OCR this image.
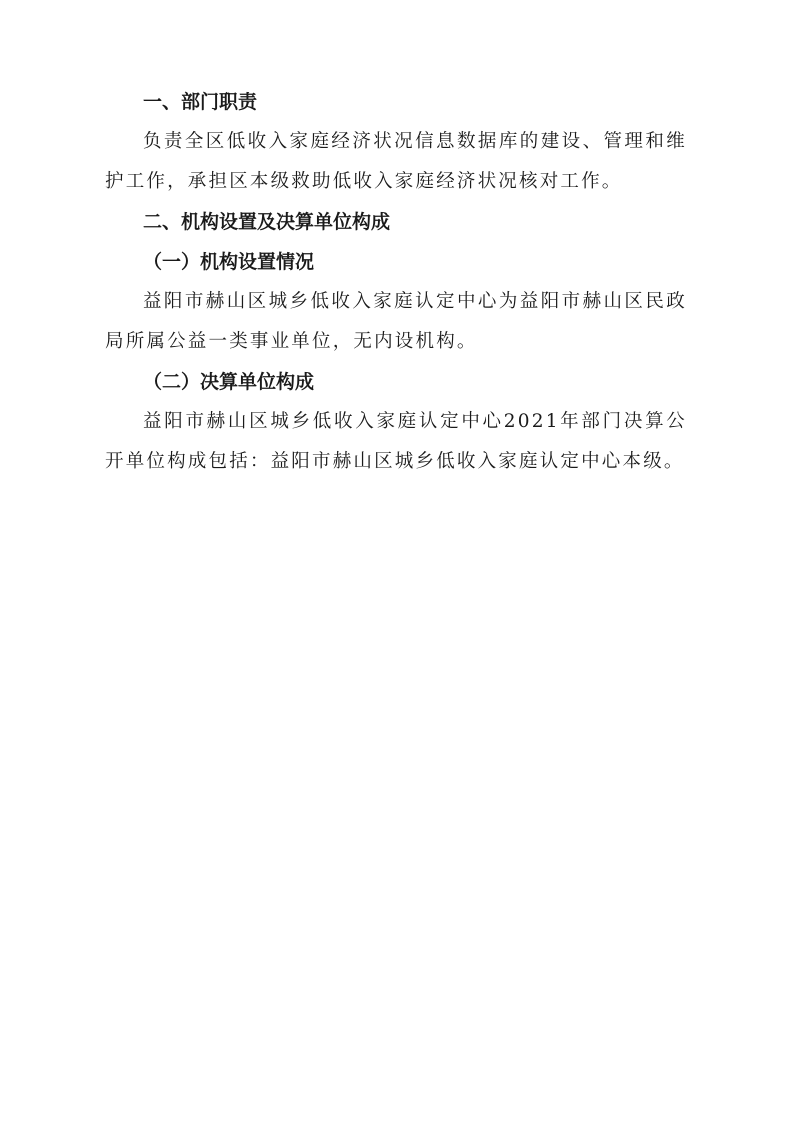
一、部门职责

负责全区低收入家庭经济状况信息数据库的建设、管理和维护工作，承担区本级救助低收入家庭经济状况核对工作。

二、机构设置及决算单位构成

（一）机构设置情况

益阳市赫山区城乡低收入家庭认定中心为益阳市赫山区民政局所属公益一类事业单位，无内设机构。

（二）决算单位构成

益阳市赫山区城乡低收入家庭认定中心2021年部门决算公开单位构成包括：益阳市赫山区城乡低收入家庭认定中心本级。
